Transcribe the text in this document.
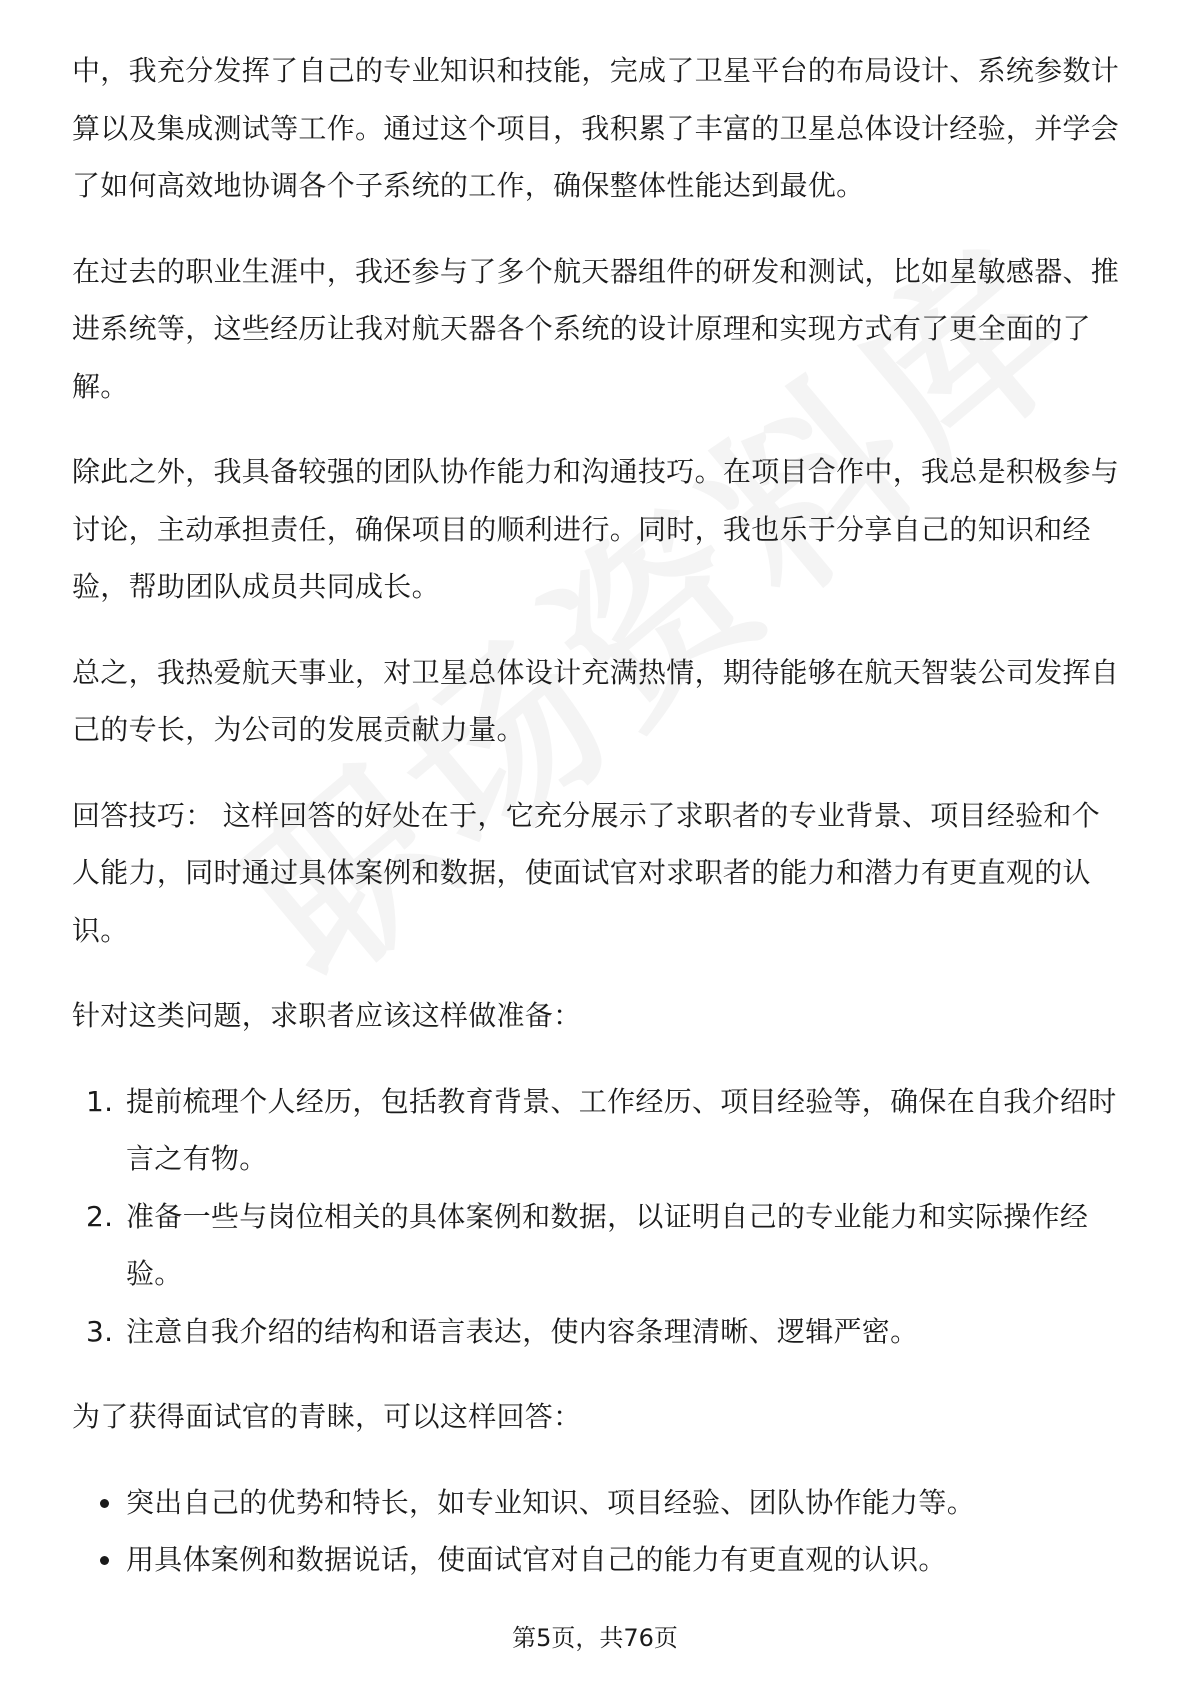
中，我充分发挥了自己的专业知识和技能，完成了卫星平台的布局设计、系统参数计算以及集成测试等工作。通过这个项目，我积累了丰富的卫星总体设计经验，并学会了如何高效地协调各个子系统的工作，确保整体性能达到最优。

在过去的职业生涯中，我还参与了多个航天器组件的研发和测试，比如星敏感器、推进系统等，这些经历让我对航天器各个系统的设计原理和实现方式有了更全面的了解。

除此之外，我具备较强的团队协作能力和沟通技巧。在项目合作中，我总是积极参与讨论，主动承担责任，确保项目的顺利进行。同时，我也乐于分享自己的知识和经验，帮助团队成员共同成长。

总之，我热爱航天事业，对卫星总体设计充满热情，期待能够在航天智装公司发挥自己的专长，为公司的发展贡献力量。

回答技巧： 这样回答的好处在于，它充分展示了求职者的专业背景、项目经验和个人能力，同时通过具体案例和数据，使面试官对求职者的能力和潜力有更直观的认识。

针对这类问题，求职者应该这样做准备：

1. 提前梳理个人经历，包括教育背景、工作经历、项目经验等，确保在自我介绍时言之有物。
2. 准备一些与岗位相关的具体案例和数据，以证明自己的专业能力和实际操作经验。
3. 注意自我介绍的结构和语言表达，使内容条理清晰、逻辑严密。

为了获得面试官的青睐，可以这样回答：

突出自己的优势和特长，如专业知识、项目经验、团队协作能力等。
用具体案例和数据说话，使面试官对自己的能力有更直观的认识。
第5页，共76页
